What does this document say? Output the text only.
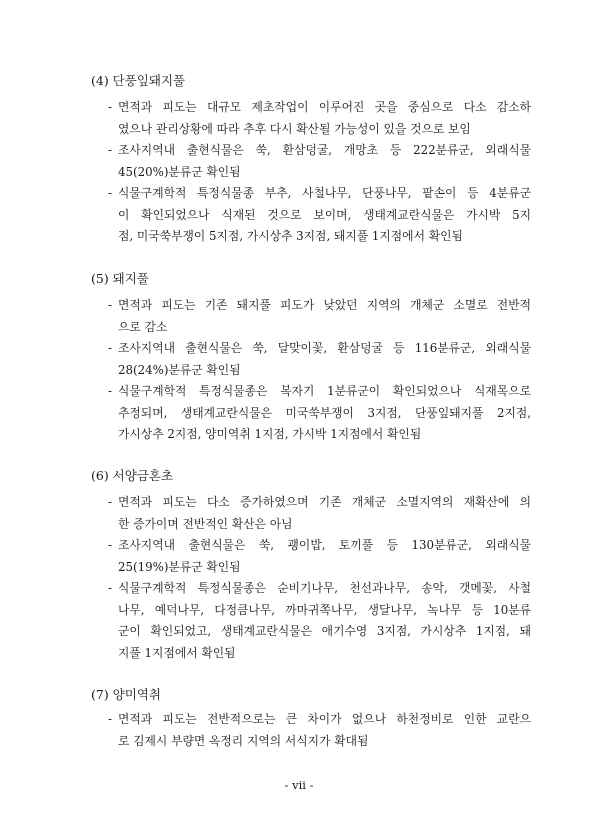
(4) 단풍잎돼지풀
- 면적과 피도는 대규모 제초작업이 이루어진 곳을 중심으로 다소 감소하
였으나 관리상황에 따라 추후 다시 확산될 가능성이 있을 것으로 보임
- 조사지역내 출현식물은 쑥, 환삼덩굴, 개망초 등 222분류군, 외래식물
45(20%)분류군 확인됨
- 식물구계학적 특정식물종 부추, 사철나무, 단풍나무, 팥손이 등 4분류군
이 확인되었으나 식재된 것으로 보이며, 생태계교란식물은 가시박 5지
점, 미국쑥부쟁이 5지점, 가시상추 3지점, 돼지풀 1지점에서 확인됨
(5) 돼지풀
- 면적과 피도는 기존 돼지풀 피도가 낮았던 지역의 개체군 소멸로 전반적
으로 감소
- 조사지역내 출현식물은 쑥, 달맞이꽃, 환삼덩굴 등 116분류군, 외래식물
28(24%)분류군 확인됨
- 식물구계학적 특정식물종은 복자기 1분류군이 확인되었으나 식재목으로
추정되며, 생태계교란식물은 미국쑥부쟁이 3지점, 단풍잎돼지풀 2지점,
가시상추 2지점, 양미역취 1지점, 가시박 1지점에서 확인됨
(6) 서양금혼초
- 면적과 피도는 다소 증가하였으며 기존 개체군 소멸지역의 재확산에 의
한 증가이며 전반적인 확산은 아님
- 조사지역내 출현식물은 쑥, 괭이밥, 토끼풀 등 130분류군, 외래식물
25(19%)분류군 확인됨
- 식물구계학적 특정식물종은 순비기나무, 천선과나무, 송악, 갯메꽃, 사철
나무, 예덕나무, 다정큼나무, 까마귀쪽나무, 생달나무, 녹나무 등 10분류
군이 확인되었고, 생태계교란식물은 애기수영 3지점, 가시상추 1지점, 돼
지풀 1지점에서 확인됨
(7) 양미역취
- 면적과 피도는 전반적으로는 큰 차이가 없으나 하천정비로 인한 교란으
로 김제시 부량면 옥정리 지역의 서식지가 확대됨
- vii -
